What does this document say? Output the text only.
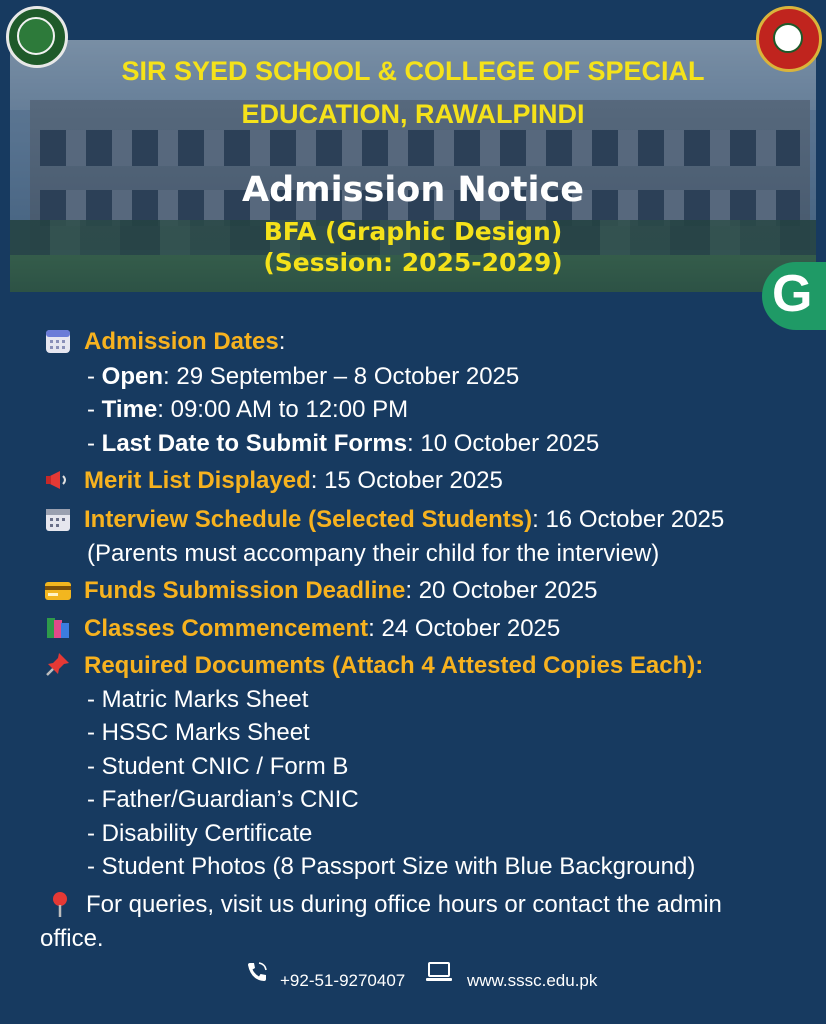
SIR SYED SCHOOL & COLLEGE OF SPECIAL
EDUCATION, RAWALPINDI
Admission Notice
BFA (Graphic Design)
(Session: 2025-2029)
G
Admission Dates:
- Open: 29 September – 8 October 2025
- Time: 09:00 AM to 12:00 PM
- Last Date to Submit Forms: 10 October 2025
Merit List Displayed: 15 October 2025
Interview Schedule (Selected Students): 16 October 2025
(Parents must accompany their child for the interview)
Funds Submission Deadline: 20 October 2025
Classes Commencement: 24 October 2025
Required Documents (Attach 4 Attested Copies Each):
- Matric Marks Sheet
- HSSC Marks Sheet
- Student CNIC / Form B
- Father/Guardian’s CNIC
- Disability Certificate
- Student Photos (8 Passport Size with Blue Background)
For queries, visit us during office hours or contact the admin
office.
+92-51-9270407	www.sssc.edu.pk
